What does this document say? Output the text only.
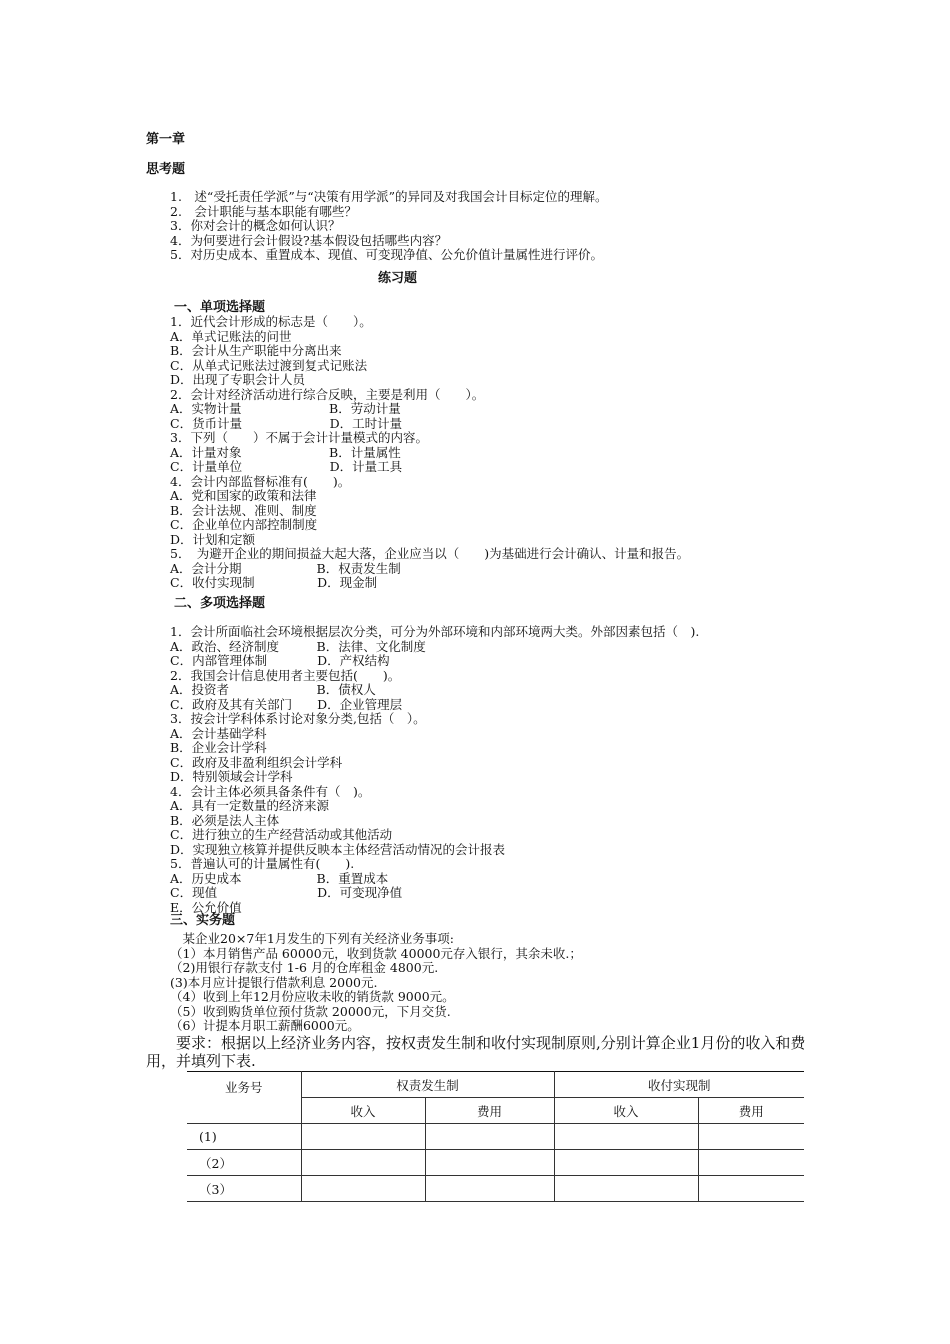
第一章
思考题
1.　述“受托责任学派”与“决策有用学派”的异同及对我国会计目标定位的理解。
2.　会计职能与基本职能有哪些？
3．你对会计的概念如何认识？
4．为何要进行会计假设?基本假设包括哪些内容？
5．对历史成本、重置成本、现值、可变现净值、公允价值计量属性进行评价。
练习题
一、单项选择题
1．近代会计形成的标志是（　　）。
A．单式记账法的问世
B．会计从生产职能中分离出来
C．从单式记账法过渡到复式记账法
D．出现了专职会计人员
2．会计对经济活动进行综合反映，主要是利用（　　）。
A．实物计量　　　　　　　B．劳动计量
C．货币计量　　　　　　　D．工时计量
3．下列（　　）不属于会计计量模式的内容。
A．计量对象　　　　　　　B．计量属性
C．计量单位　　　　　　　D．计量工具
4．会计内部监督标准有(　　)。
A．党和国家的政策和法律
B．会计法规、准则、制度
C．企业单位内部控制制度
D．计划和定额
5．　为避开企业的期间损益大起大落，企业应当以（　　)为基础进行会计确认、计量和报告。
A．会计分期　　　　　　B．权责发生制
C．收付实现制　　　　　D．现金制
二、多项选择题
1．会计所面临社会环境根据层次分类，可分为外部环境和内部环境两大类。外部因素包括（　).
A．政治、经济制度　　　B．法律、文化制度
C．内部管理体制　　　　D．产权结构
2．我国会计信息使用者主要包括(　　)。
A．投资者　　　　　　　B．债权人
C．政府及其有关部门　　D．企业管理层
3．按会计学科体系讨论对象分类,包括（　）。
A．会计基础学科
B．企业会计学科
C．政府及非盈利组织会计学科
D．特别领域会计学科
4．会计主体必须具备条件有（　)。
A．具有一定数量的经济来源
B．必须是法人主体
C．进行独立的生产经营活动或其他活动
D．实现独立核算并提供反映本主体经营活动情况的会计报表
5．普遍认可的计量属性有(　　).
A．历史成本　　　　　　B．重置成本
C．现值　　　　　　　　D．可变现净值
E．公允价值
三、实务题
　某企业20×7年1月发生的下列有关经济业务事项:
（1）本月销售产品 60000元，收到货款 40000元存入银行，其余未收.；
（2)用银行存款支付 1-6 月的仓库租金 4800元.
(3)本月应计提银行借款利息 2000元.
（4）收到上年12月份应收未收的销货款 9000元。
（5）收到购货单位预付货款 20000元，下月交货.
（6）计提本月职工薪酬6000元。
　　要求：根据以上经济业务内容，按权责发生制和收付实现制原则,分别计算企业1月份的收入和费用，并填列下表.
业务号	权责发生制		收付实现制	
	收入	费用	收入	费用
(1)				
（2）				
（3）				
